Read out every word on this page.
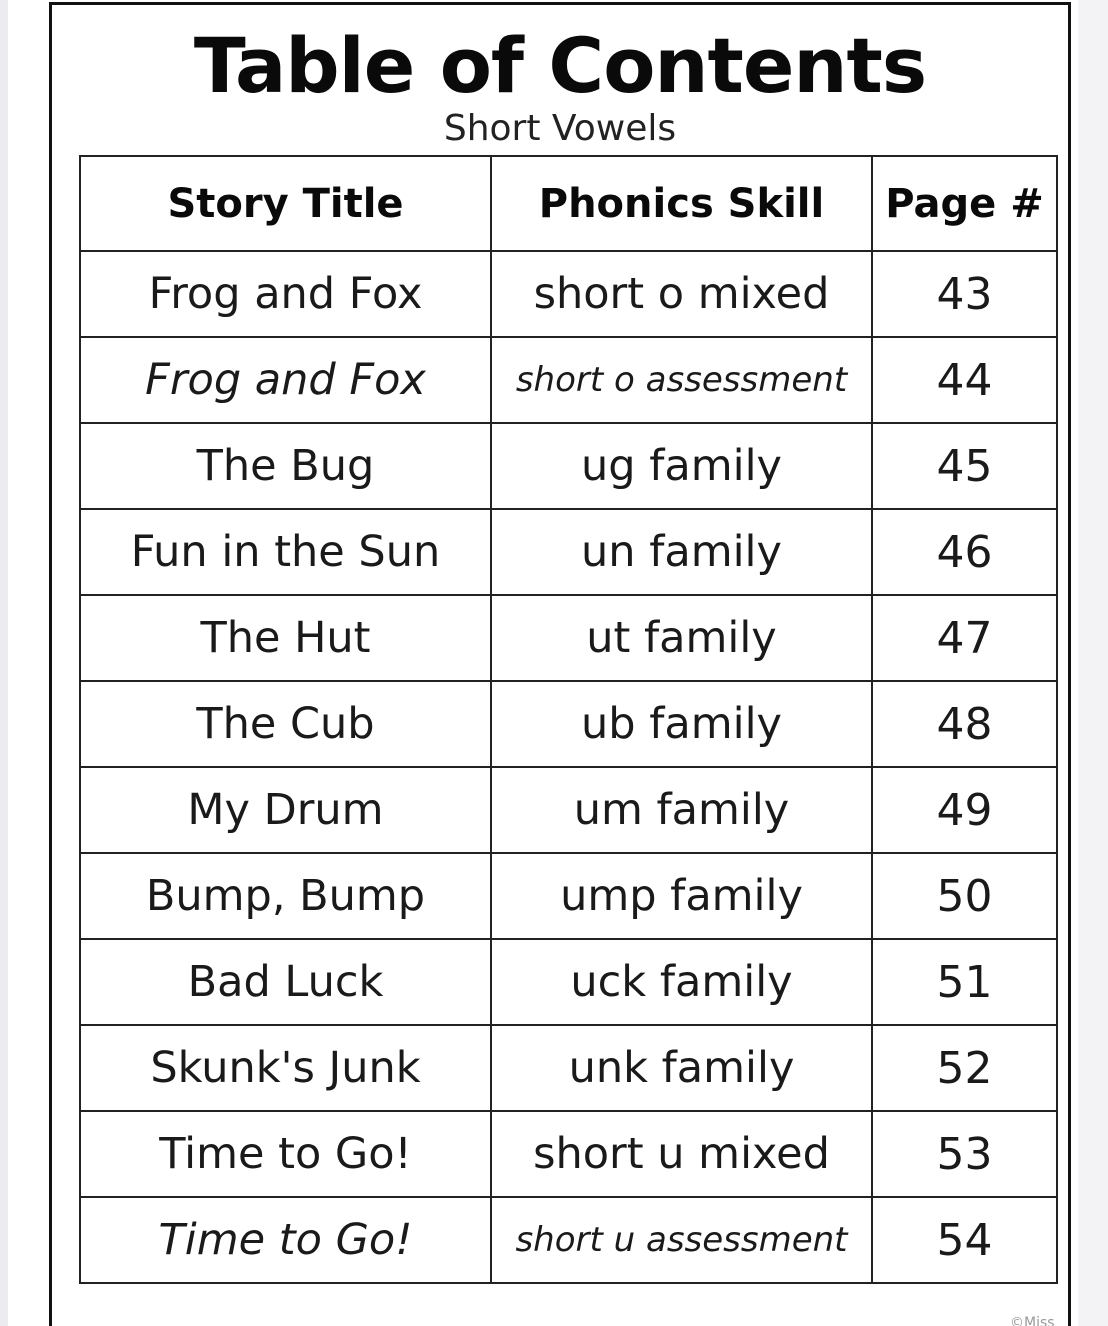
Table of Contents
Short Vowels
Story Title	Phonics Skill	Page #
Frog and Fox	short o mixed	43
Frog and Fox	short o assessment	44
The Bug	ug family	45
Fun in the Sun	un family	46
The Hut	ut family	47
The Cub	ub family	48
My Drum	um family	49
Bump, Bump	ump family	50
Bad Luck	uck family	51
Skunk's Junk	unk family	52
Time to Go!	short u mixed	53
Time to Go!	short u assessment	54
©Miss
